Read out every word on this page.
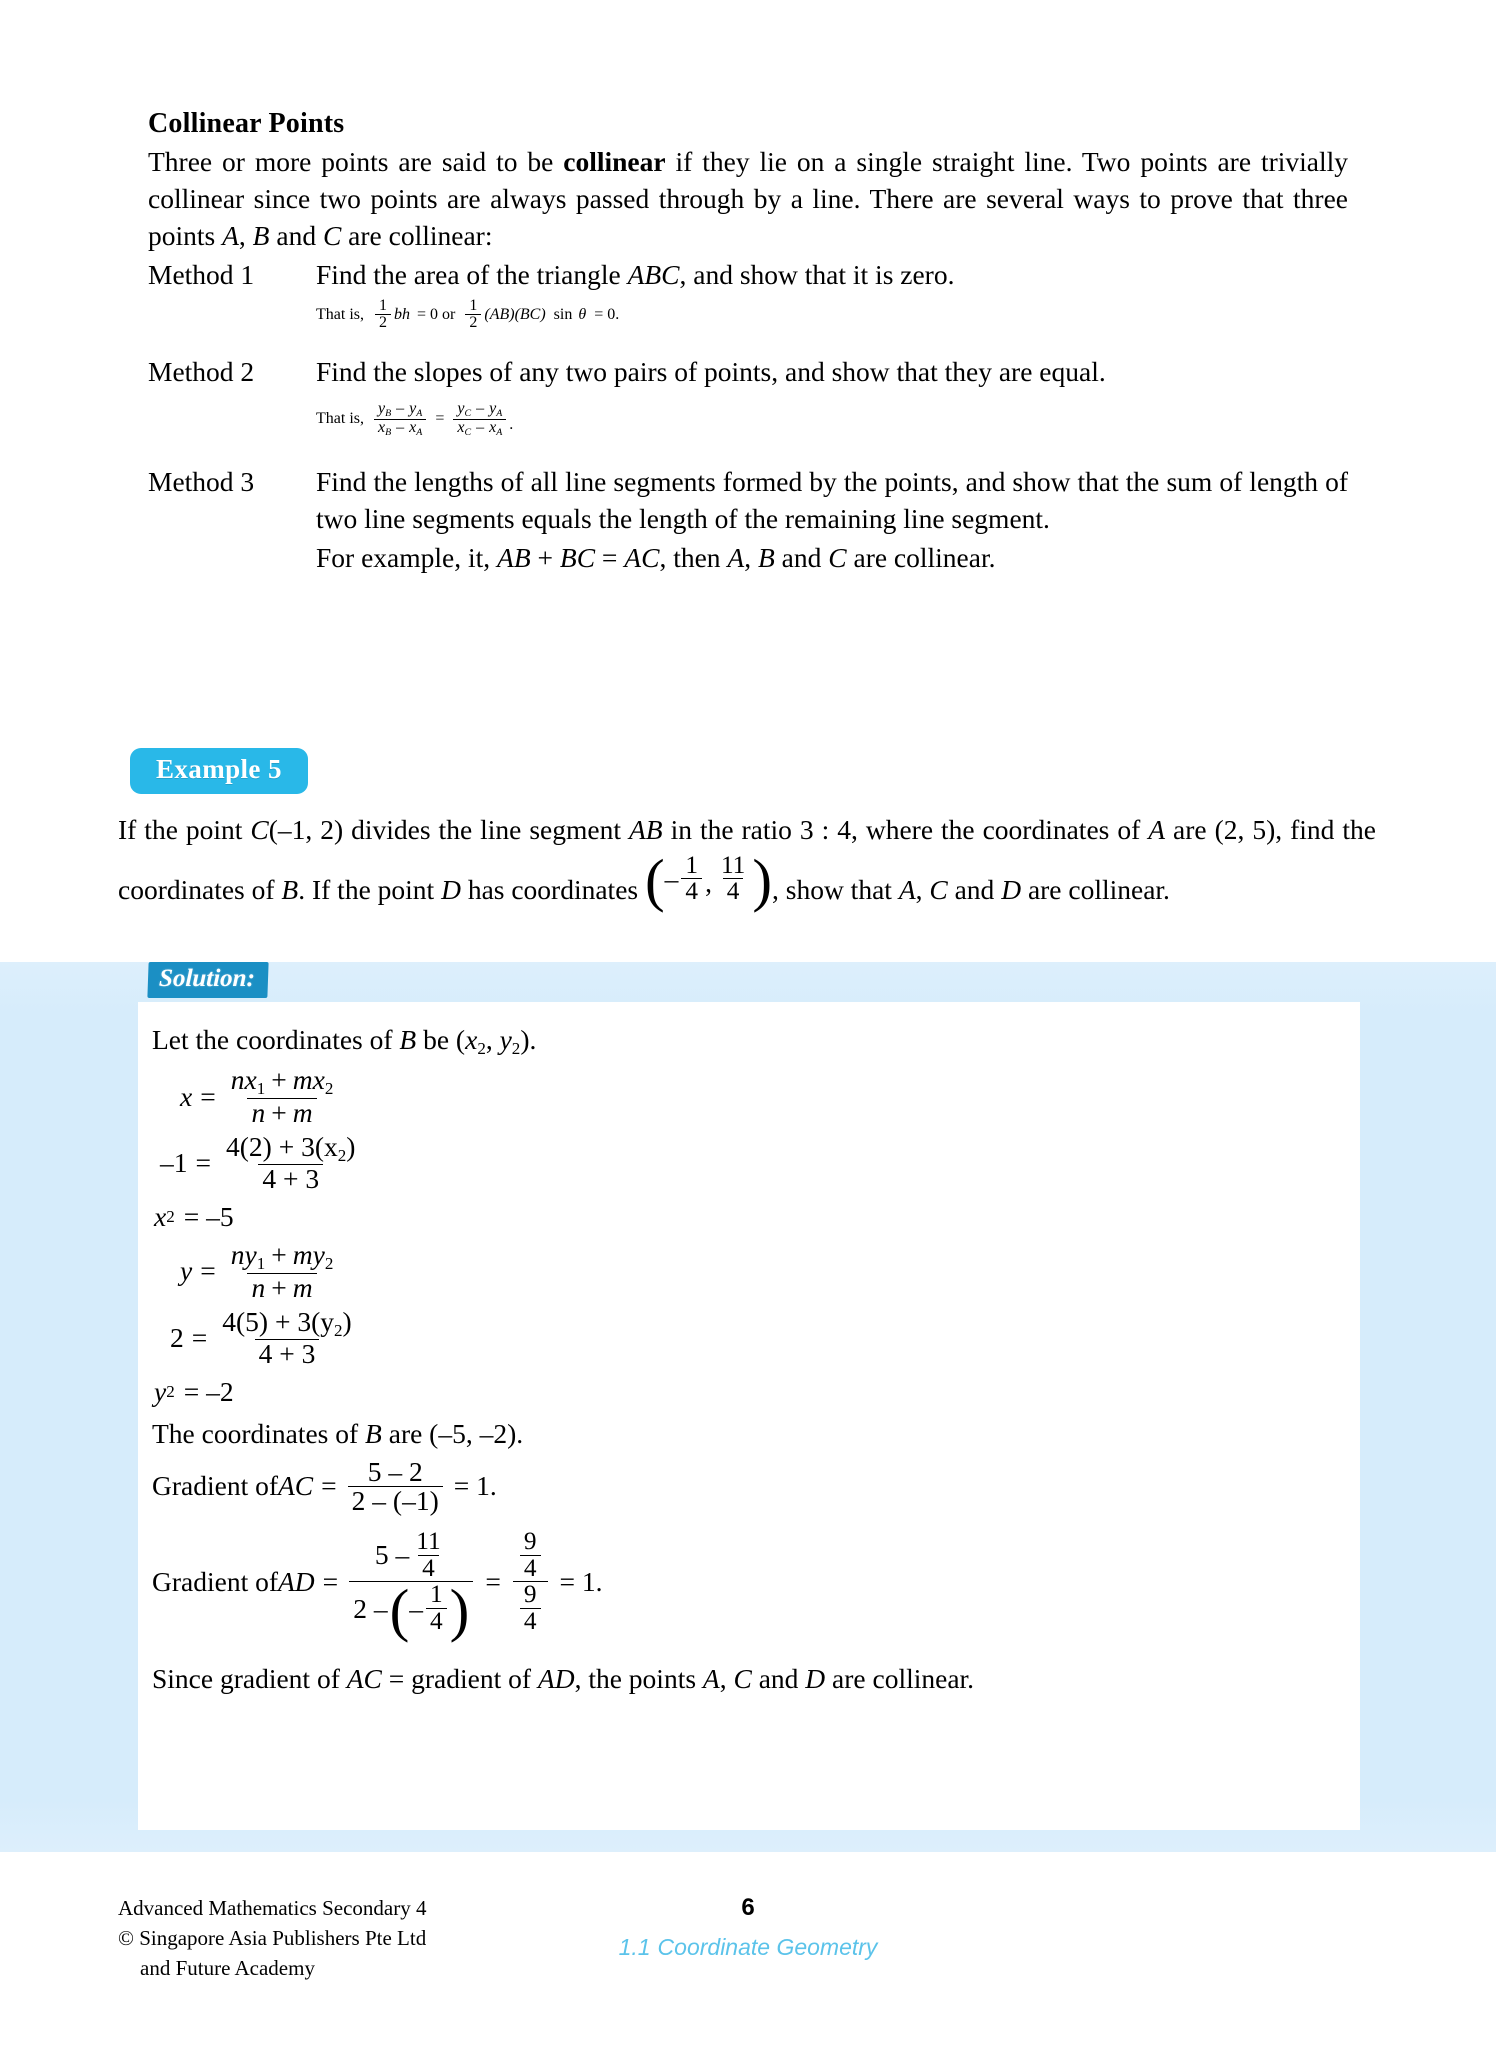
Collinear Points

Three or more points are said to be collinear if they lie on a single straight line. Two points are trivially collinear since two points are always passed through by a line. There are several ways to prove that three points A, B and C are collinear:

Method 1	Find the area of the triangle ABC, and show that it is zero.
That is, $\frac{1}{2}$ bh = 0 or $\frac{1}{2} (AB)(BC)$ sin θ = 0.
Method 2	Find the slopes of any two pairs of points, and show that they are equal.
That is, $\frac{y_B - y_A}{x_B - x_A} = \frac{y_C - y_A}{x_C - x_A}$ .
Method 3	Find the lengths of all line segments formed by the points, and show that the sum of length of two line segments equals the length of the remaining line segment.
For example, it, AB + BC = AC, then A, B and C are collinear.
Example 5
If the point C(–1, 2) divides the line segment AB in the ratio 3 : 4, where the coordinates of A are (2, 5), find the coordinates of B. If the point D has coordinates ( – $\frac{1}{4}$ , $\frac{11}{4}$ ) , show that A, C and D are collinear.
Solution:

Let the coordinates of B be ($x_2$, $y_2$).

$x = \frac{nx_1 + mx_2}{n + m}$
$-1 = \frac{4(2) + 3(x_2)}{4 + 3}$
x 2 = –5
$y = \frac{ny_1 + my_2}{n + m}$
$2 = \frac{4(5) + 3(y_2)}{4 + 3}$
y 2 = –2

The coordinates of B are (–5, –2).

Gradient of AC = $\frac{5 - 2}{2 - (-1)} = 1$.
Gradient of AD =
$5 - \frac{11}{4}$
2 – ( – $\frac{1}{4}$ ) = $\frac{\frac{9}{4}}{\frac{9}{4}} = 1$.

Since gradient of AC = gradient of AD, the points A, C and D are collinear.

Advanced Mathematics Secondary 4
© Singapore Asia Publishers Pte Ltd
and Future Academy
6
1.1 Coordinate Geometry
